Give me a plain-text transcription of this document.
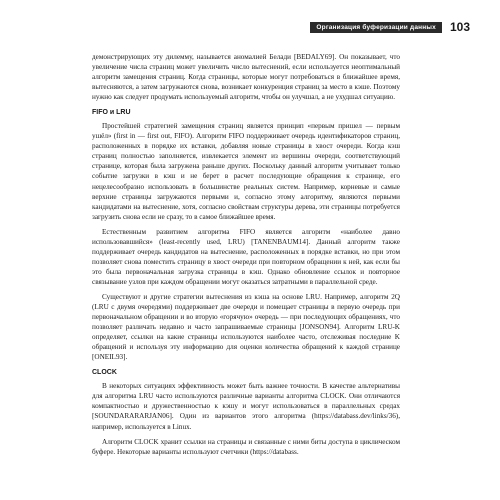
Организация буферизации данных	103

демонстрирующих эту дилемму, называется аномалией Белади [BEDALY69]. Он показывает, что увеличение числа страниц может увеличить число вытеснений, если используется неоптимальный алгоритм замещения страниц. Когда страницы, которые могут потребоваться в ближайшее время, вытесняются, а затем загружаются снова, возникает конкуренция страниц за место в кэше. Поэтому нужно как следует продумать используемый алгоритм, чтобы он улучшал, а не ухудшал ситуацию.

FIFO и LRU

Простейшей стратегией замещения страниц является принцип «первым пришел — первым ушёл» (first in — first out, FIFO). Алгоритм FIFO поддерживает очередь идентификаторов страниц, расположенных в порядке их вставки, добавляя новые страницы в хвост очереди. Когда кэш страниц полностью заполняется, извлекается элемент из вершины очереди, соответствующий странице, которая была загружена раньше других. Поскольку данный алгоритм учитывает только событие загрузки в кэш и не берет в расчет последующие обращения к странице, его нецелесообразно использовать в большинстве реальных систем. Например, корневые и самые верхние страницы загружаются первыми и, согласно этому алгоритму, являются первыми кандидатами на вытеснение, хотя, согласно свойствам структуры дерева, эти страницы потребуется загрузить снова если не сразу, то в самое ближайшее время.

Естественным развитием алгоритма FIFO является алгоритм «наиболее давно использовавшийся» (least-recently used, LRU) [TANENBAUM14]. Данный алгоритм также поддерживает очередь кандидатов на вытеснение, расположенных в порядке вставки, но при этом позволяет снова поместить страницу в хвост очереди при повторном обращении к ней, как если бы это была первоначальная загрузка страницы в кэш. Однако обновление ссылок и повторное связывание узлов при каждом обращении могут оказаться затратными в параллельной среде.

Существуют и другие стратегии вытеснения из кэша на основе LRU. Например, алгоритм 2Q (LRU с двумя очередями) поддерживает две очереди и помещает страницы в первую очередь при первоначальном обращении и во вторую «горячую» очередь — при последующих обращениях, что позволяет различать недавно и часто запрашиваемые страницы [JONSON94]. Алгоритм LRU-K определяет, ссылки на какие страницы используются наиболее часто, отслеживая последние K обращений и используя эту информацию для оценки количества обращений к каждой странице [ONEIL93].

CLOCK

В некоторых ситуациях эффективность может быть важнее точности. В качестве альтернативы для алгоритма LRU часто используются различные варианты алгоритма CLOCK. Они отличаются компактностью и дружественностью к кэшу и могут использоваться в параллельных средах [SOUNDARARARJAN06]. Один из вариантов этого алгоритма (https://databass.dev/links/36), например, используется в Linux.

Алгоритм CLOCK хранит ссылки на страницы и связанные с ними биты доступа в циклическом буфере. Некоторые варианты используют счетчики (https://databass.
